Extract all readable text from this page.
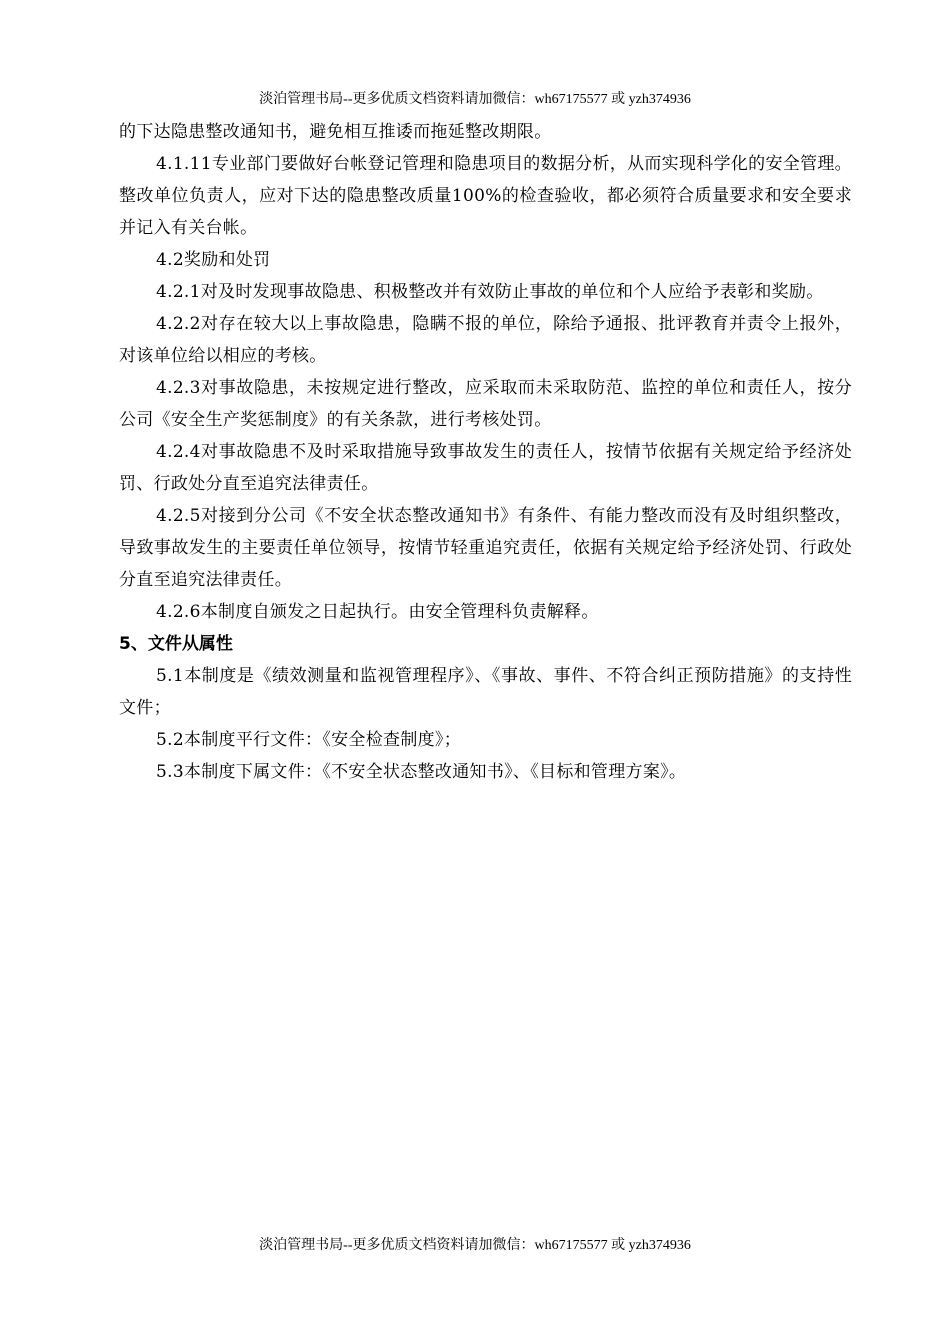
淡泊管理书局--更多优质文档资料请加微信：wh67175577 或 yzh374936

的下达隐患整改通知书，避免相互推诿而拖延整改期限。

4.1.11专业部门要做好台帐登记管理和隐患项目的数据分析，从而实现科学化的安全管理。整改单位负责人，应对下达的隐患整改质量100%的检查验收，都必须符合质量要求和安全要求并记入有关台帐。

4.2奖励和处罚

4.2.1对及时发现事故隐患、积极整改并有效防止事故的单位和个人应给予表彰和奖励。

4.2.2对存在较大以上事故隐患，隐瞒不报的单位，除给予通报、批评教育并责令上报外，对该单位给以相应的考核。

4.2.3对事故隐患，未按规定进行整改，应采取而未采取防范、监控的单位和责任人，按分公司《安全生产奖惩制度》的有关条款，进行考核处罚。

4.2.4对事故隐患不及时采取措施导致事故发生的责任人，按情节依据有关规定给予经济处罚、行政处分直至追究法律责任。

4.2.5对接到分公司《不安全状态整改通知书》有条件、有能力整改而没有及时组织整改，导致事故发生的主要责任单位领导，按情节轻重追究责任，依据有关规定给予经济处罚、行政处分直至追究法律责任。

4.2.6本制度自颁发之日起执行。由安全管理科负责解释。

5、文件从属性

5.1本制度是《绩效测量和监视管理程序》、《事故、事件、不符合纠正预防措施》的支持性文件；

5.2本制度平行文件：《安全检查制度》；

5.3本制度下属文件：《不安全状态整改通知书》、《目标和管理方案》。

淡泊管理书局--更多优质文档资料请加微信：wh67175577 或 yzh374936
